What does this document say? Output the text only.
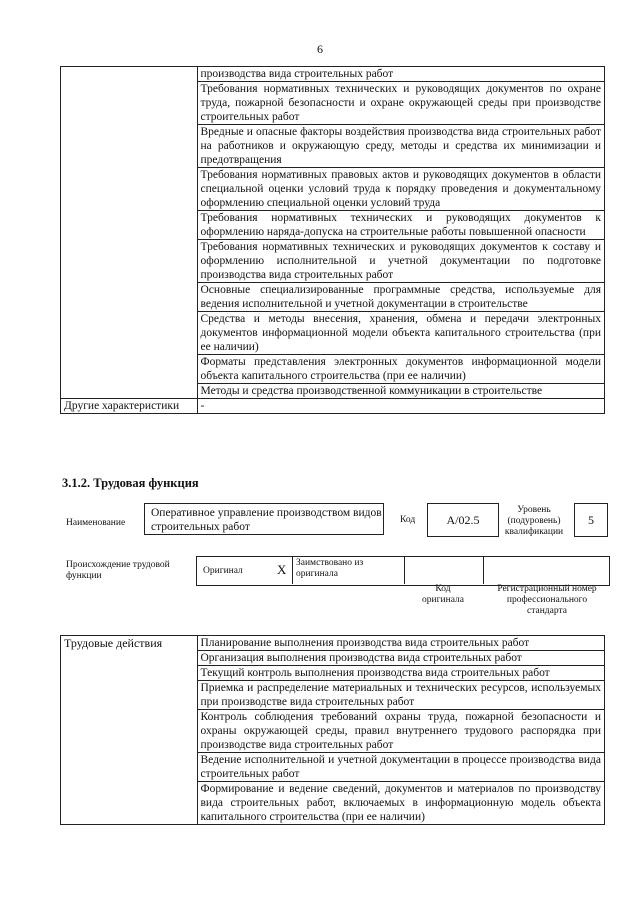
6
	производства вида строительных работ
	Требования нормативных технических и руководящих документов по охране труда, пожарной безопасности и охране окружающей среды при производстве строительных работ
	Вредные и опасные факторы воздействия производства вида строительных работ на работников и окружающую среду, методы и средства их минимизации и предотвращения
	Требования нормативных правовых актов и руководящих документов в области специальной оценки условий труда к порядку проведения и документальному оформлению специальной оценки условий труда
	Требования нормативных технических и руководящих документов к оформлению наряда-допуска на строительные работы повышенной опасности
	Требования нормативных технических и руководящих документов к составу и оформлению исполнительной и учетной документации по подготовке производства вида строительных работ
	Основные специализированные программные средства, используемые для ведения исполнительной и учетной документации в строительстве
	Средства и методы внесения, хранения, обмена и передачи электронных документов информационной модели объекта капитального строительства (при ее наличии)
	Форматы представления электронных документов информационной модели объекта капитального строительства (при ее наличии)
	Методы и средства производственной коммуникации в строительстве
Другие характеристики	-
3.1.2. Трудовая функция
Наименование
Оперативное управление производством видов строительных работ
Код	А/02.5
Уровень (подуровень) квалификации
5
Происхождение трудовой функции	Оригинал	X Заимствовано из оригинала
Код оригинала
Регистрационный номер профессионального стандарта
Трудовые действия	Планирование выполнения производства вида строительных работ
Организация выполнения производства вида строительных работ
Текущий контроль выполнения производства вида строительных работ
Приемка и распределение материальных и технических ресурсов, используемых при производстве вида строительных работ
Контроль соблюдения требований охраны труда, пожарной безопасности и охраны окружающей среды, правил внутреннего трудового распорядка при производстве вида строительных работ
Ведение исполнительной и учетной документации в процессе производства вида строительных работ
Формирование и ведение сведений, документов и материалов по производству вида строительных работ, включаемых в информационную модель объекта капитального строительства (при ее наличии)
